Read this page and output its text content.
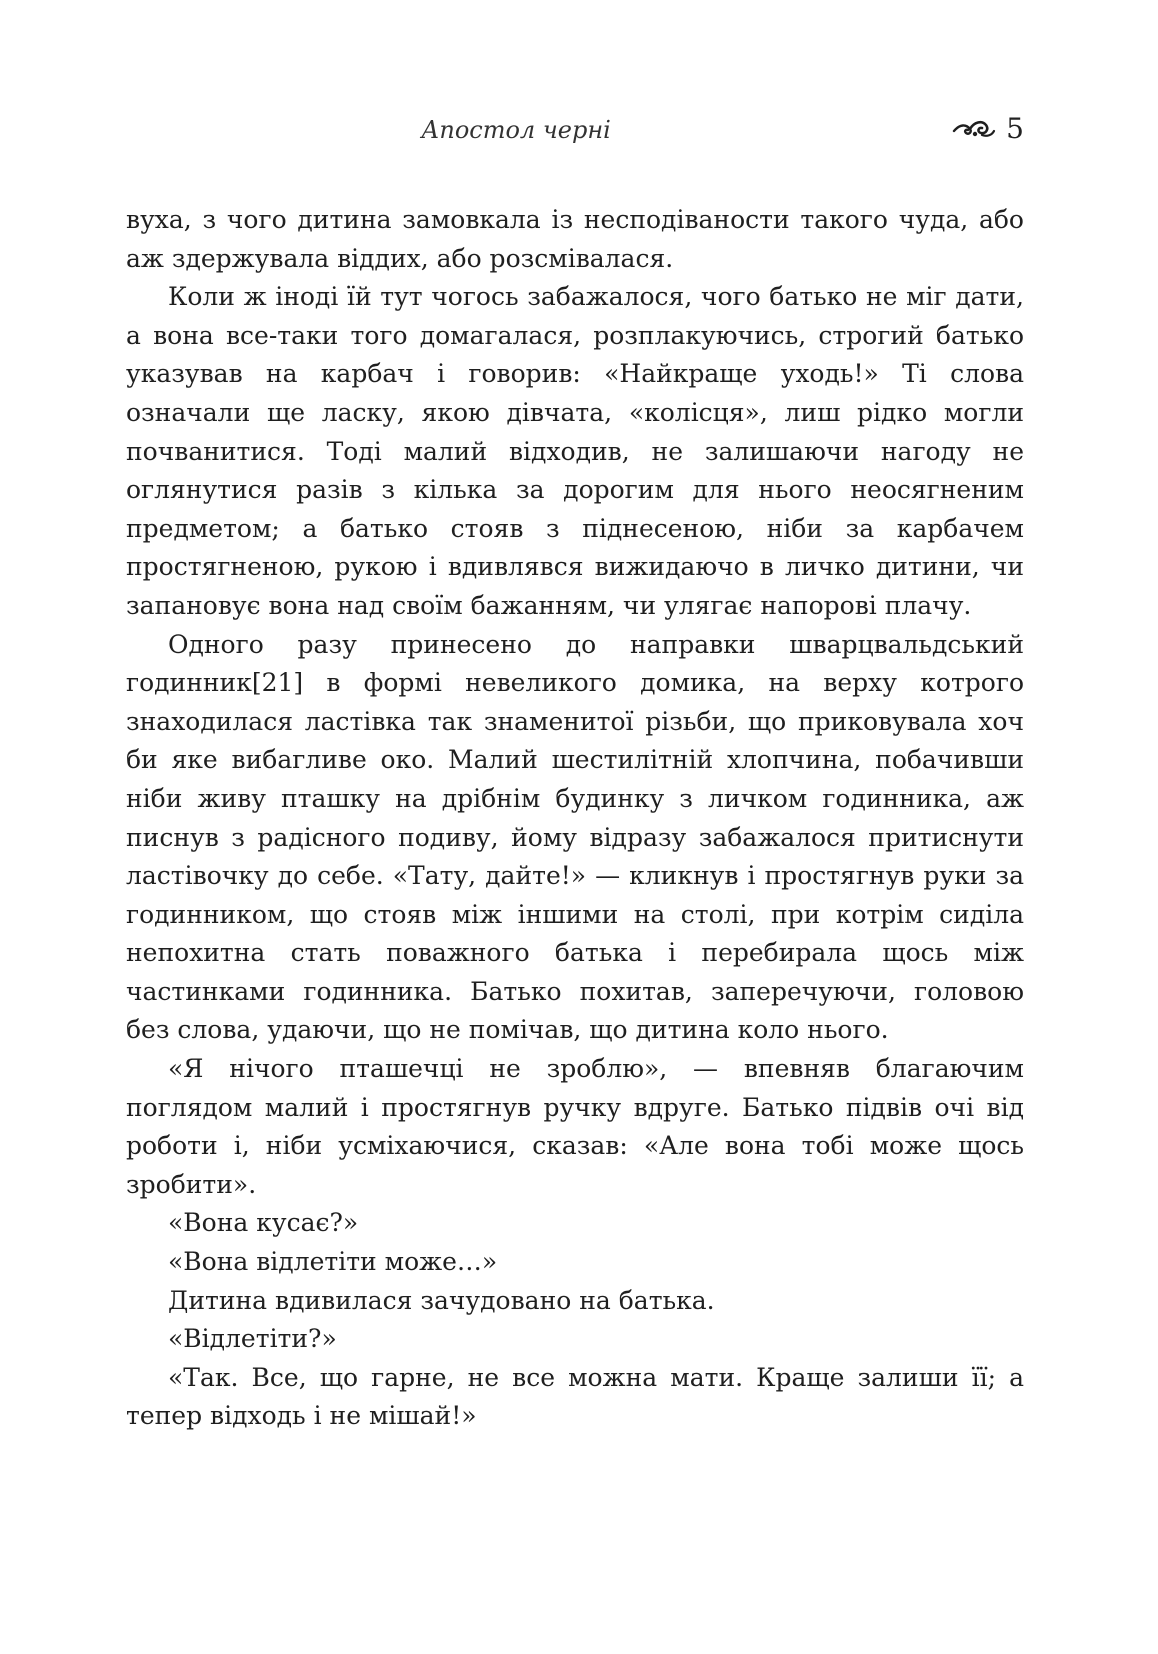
Апостол черні	5

вуха, з чого дитина замовкала із несподіваности такого чуда, або аж здержувала віддих, або розсмівалася.

Коли ж іноді їй тут чогось забажалося, чого батько не міг дати, а вона все-таки того домагалася, розплакуючись, строгий батько указував на карбач і говорив: «Найкраще уходь!» Ті слова означали ще ласку, якою дівчата, «колісця», лиш рідко могли почванитися. Тоді малий відходив, не залишаючи нагоду не оглянутися разів з кілька за дорогим для нього неосягненим предметом; а батько стояв з піднесеною, ніби за карбачем простягненою, рукою і вдивлявся вижидаючо в личко дитини, чи запановує вона над своїм бажанням, чи улягає напорові плачу.

Одного разу принесено до направки шварцвальдський годинник[21] в формі невеликого домика, на верху котрого знаходилася ластівка так знаменитої різьби, що приковувала хоч би яке вибагливе око. Малий шестилітній хлопчина, побачивши ніби живу пташку на дрібнім будинку з личком годинника, аж писнув з радісного подиву, йому відразу забажалося притиснути ластівочку до себе. «Тату, дайте!» — кликнув і простягнув руки за годинником, що стояв між іншими на столі, при котрім сиділа непохитна стать поважного батька і перебирала щось між частинками годинника. Батько похитав, заперечуючи, головою без слова, удаючи, що не помічав, що дитина коло нього.

«Я нічого пташечці не зроблю», — впевняв благаючим поглядом малий і простягнув ручку вдруге. Батько підвів очі від роботи і, ніби усміхаючися, сказав: «Але вона тобі може щось зробити».

«Вона кусає?»

«Вона відлетіти може…»

Дитина вдивилася зачудовано на батька.

«Відлетіти?»

«Так. Все, що гарне, не все можна мати. Краще залиши її; а тепер відходь і не мішай!»
